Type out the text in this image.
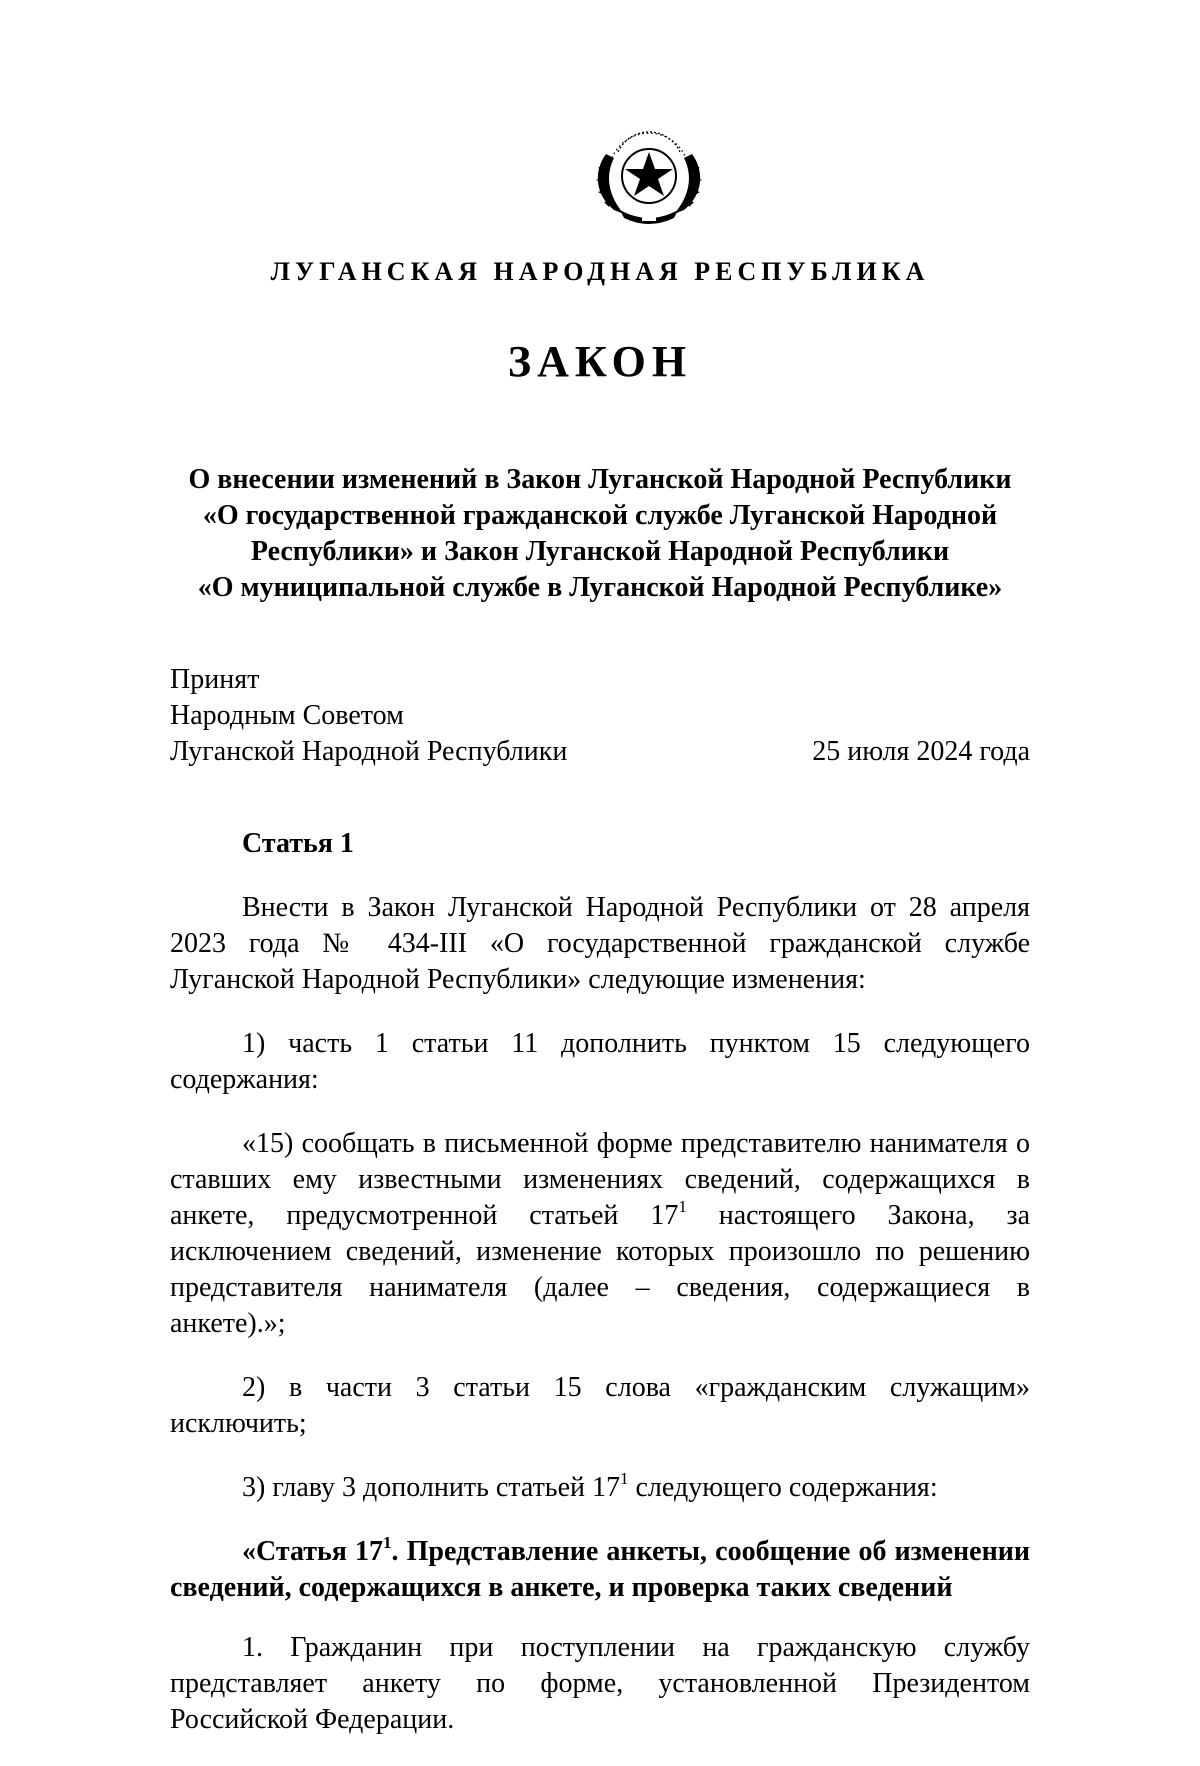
ЛУГАНСКАЯ НАРОДНАЯ РЕСПУБЛИКА
ЗАКОН
О внесении изменений в Закон Луганской Народной Республики
«О государственной гражданской службе Луганской Народной
Республики» и Закон Луганской Народной Республики
«О муниципальной службе в Луганской Народной Республике»
Принят
Народным Советом
Луганской Народной Республики	25 июля 2024 года
Статья 1

Внести в Закон Луганской Народной Республики от 28 апреля 2023 года № 434-III «О государственной гражданской службе Луганской Народной Республики» следующие изменения:

1) часть 1 статьи 11 дополнить пунктом 15 следующего содержания:

«15) сообщать в письменной форме представителю нанимателя о ставших ему известными изменениях сведений, содержащихся в анкете, предусмотренной статьей $17^1$ настоящего Закона, за исключением сведений, изменение которых произошло по решению представителя нанимателя (далее – сведения, содержащиеся в анкете).»;

2) в части 3 статьи 15 слова «гражданским служащим» исключить;

3) главу 3 дополнить статьей $17^1$ следующего содержания:

«Статья $17^1$. Представление анкеты, сообщение об изменении сведений, содержащихся в анкете, и проверка таких сведений

1. Гражданин при поступлении на гражданскую службу представляет анкету по форме, установленной Президентом Российской Федерации.
